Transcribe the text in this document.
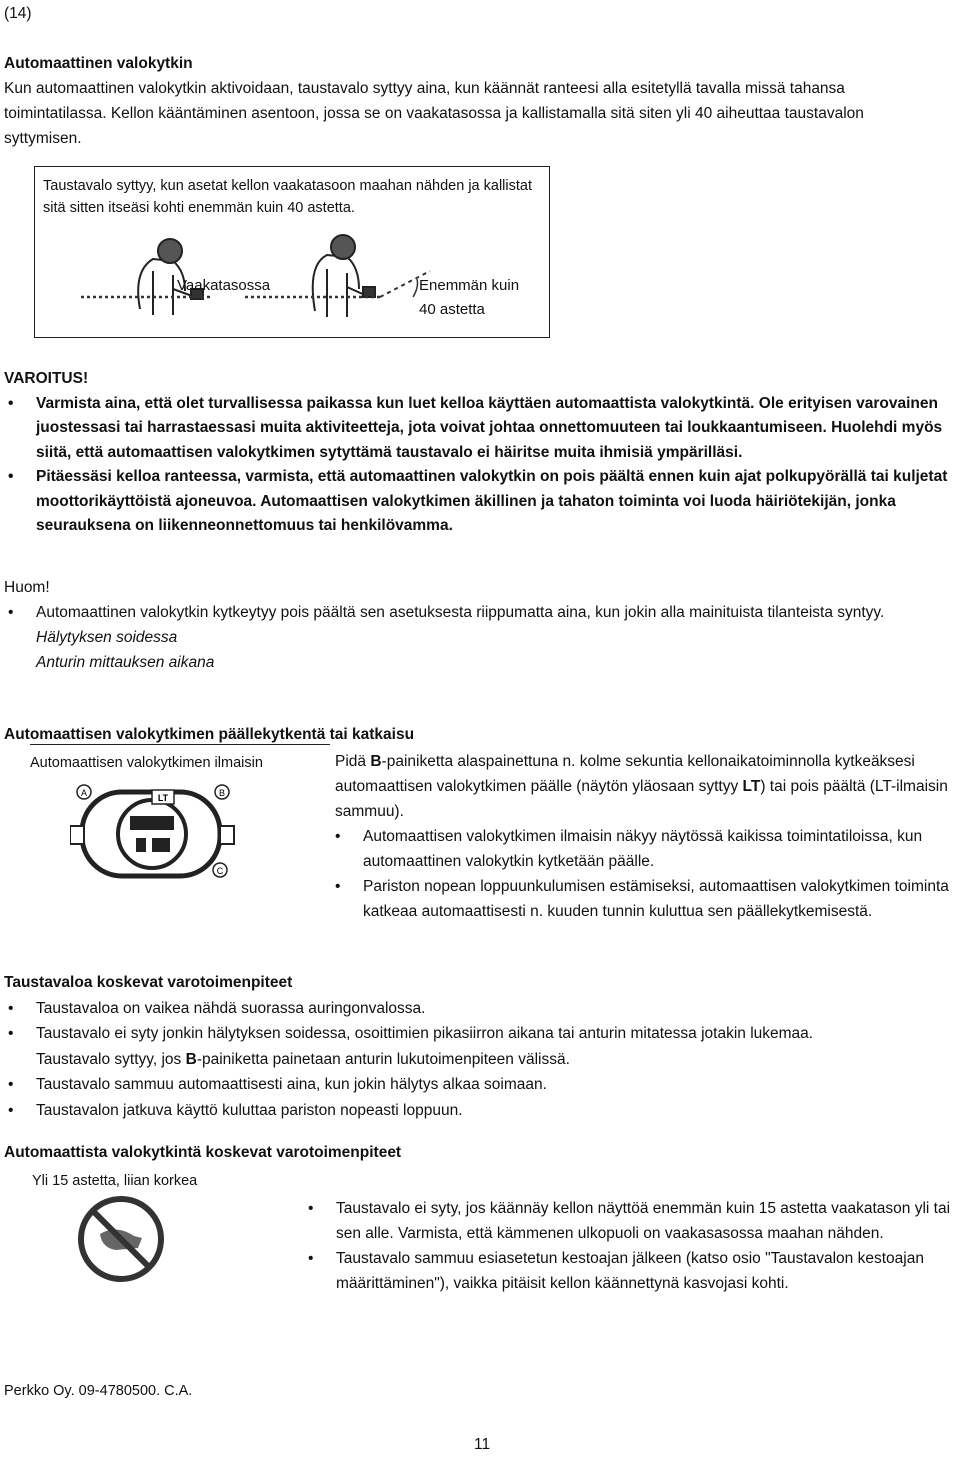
(14)

Automaattinen valokytkin

Kun automaattinen valokytkin aktivoidaan, taustavalo syttyy aina, kun käännät ranteesi alla esitetyllä tavalla missä tahansa toimintatilassa. Kellon kääntäminen asentoon, jossa se on vaakatasossa ja kallistamalla sitä siten yli 40 aiheuttaa taustavalon syttymisen.

Taustavalo syttyy, kun asetat kellon vaakatasoon maahan nähden ja kallistat sitä sitten itseäsi kohti enemmän kuin 40 astetta.

Vaakatasossa	Enemmän kuin
40 astetta

VAROITUS!

• Varmista aina, että olet turvallisessa paikassa kun luet kelloa käyttäen automaattista valokytkintä. Ole erityisen varovainen juostessasi tai harrastaessasi muita aktiviteetteja, jota voivat johtaa onnettomuuteen tai loukkaantumiseen. Huolehdi myös siitä, että automaattisen valokytkimen sytyttämä taustavalo ei häiritse muita ihmisiä ympärilläsi.
• Pitäessäsi kelloa ranteessa, varmista, että automaattinen valokytkin on pois päältä ennen kuin ajat polkupyörällä tai kuljetat moottorikäyttöistä ajoneuvoa. Automaattisen valokytkimen äkillinen ja tahaton toiminta voi luoda häiriötekijän, jonka seurauksena on liikenneonnettomuus tai henkilövamma.

Huom!

• Automaattinen valokytkin kytkeytyy pois päältä sen asetuksesta riippumatta aina, kun jokin alla mainituista tilanteista syntyy.
Hälytyksen soidessa
Anturin mittauksen aikana

Automaattisen valokytkimen päällekytkentä tai katkaisu

Automaattisen valokytkimen ilmaisin
A	B
C
LT

Pidä B-painiketta alaspainettuna n. kolme sekuntia kellonaikatoiminnolla kytkeäksesi automaattisen valokytkimen päälle (näytön yläosaan syttyy LT) tai pois päältä (LT-ilmaisin sammuu).

• Automaattisen valokytkimen ilmaisin näkyy näytössä kaikissa toimintatiloissa, kun automaattinen valokytkin kytketään päälle.
• Pariston nopean loppuunkulumisen estämiseksi, automaattisen valokytkimen toiminta katkeaa automaattisesti n. kuuden tunnin kuluttua sen päällekytkemisestä.

Taustavaloa koskevat varotoimenpiteet

• Taustavaloa on vaikea nähdä suorassa auringonvalossa.
• Taustavalo ei syty jonkin hälytyksen soidessa, osoittimien pikasiirron aikana tai anturin mitatessa jotakin lukemaa.
Taustavalo syttyy, jos B-painiketta painetaan anturin lukutoimenpiteen välissä.
• Taustavalo sammuu automaattisesti aina, kun jokin hälytys alkaa soimaan.
• Taustavalon jatkuva käyttö kuluttaa pariston nopeasti loppuun.

Automaattista valokytkintä koskevat varotoimenpiteet

Yli 15 astetta, liian korkea
• Taustavalo ei syty, jos käännäy kellon näyttöä enemmän kuin 15 astetta vaakatason yli tai sen alle. Varmista, että kämmenen ulkopuoli on vaakasasossa maahan nähden.
• Taustavalo sammuu esiasetetun kestoajan jälkeen (katso osio "Taustavalon kestoajan määrittäminen"), vaikka pitäisit kellon käännettynä kasvojasi kohti.
Perkko Oy. 09-4780500. C.A.
11
